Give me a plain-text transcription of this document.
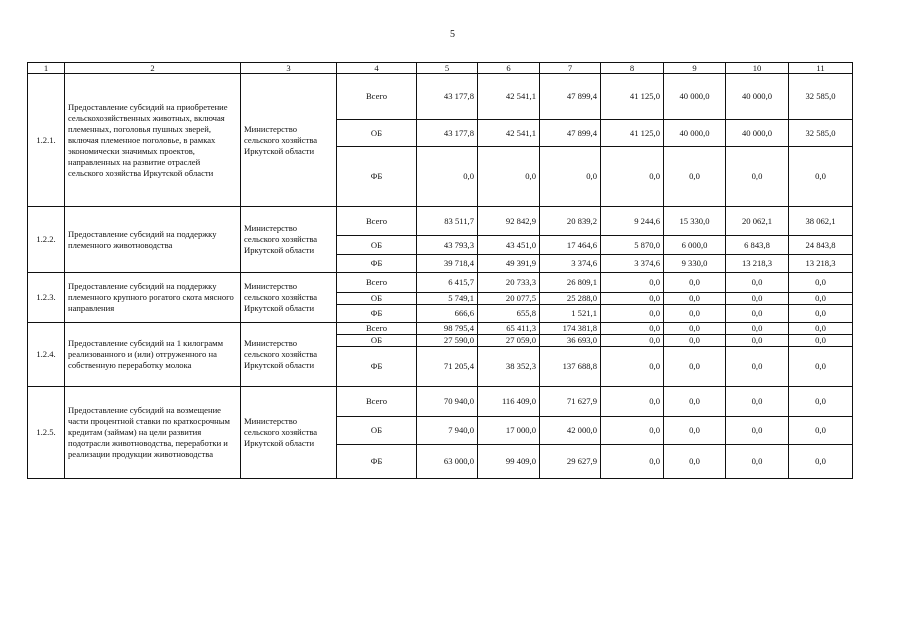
5
1	2	3	4	5	6	7	8	9	10	11
1.2.1.	Предоставление субсидий на приобретение сельскохозяйственных животных, включая племенных, поголовья пушных зверей, включая племенное поголовье, в рамках экономически значимых проектов, направленных на развитие отраслей сельского хозяйства Иркутской области	Министерство сельского хозяйства Иркутской области	Всего	43 177,8	42 541,1	47 899,4	41 125,0	40 000,0	40 000,0	32 585,0
			ОБ	43 177,8	42 541,1	47 899,4	41 125,0	40 000,0	40 000,0	32 585,0
			ФБ	0,0	0,0	0,0	0,0	0,0	0,0	0,0
1.2.2.	Предоставление субсидий на поддержку племенного животноводства	Министерство сельского хозяйства Иркутской области	Всего	83 511,7	92 842,9	20 839,2	9 244,6	15 330,0	20 062,1	38 062,1
			ОБ	43 793,3	43 451,0	17 464,6	5 870,0	6 000,0	6 843,8	24 843,8
			ФБ	39 718,4	49 391,9	3 374,6	3 374,6	9 330,0	13 218,3	13 218,3
1.2.3.	Предоставление субсидий на поддержку племенного крупного рогатого скота мясного направления	Министерство сельского хозяйства Иркутской области	Всего	6 415,7	20 733,3	26 809,1	0,0	0,0	0,0	0,0
			ОБ	5 749,1	20 077,5	25 288,0	0,0	0,0	0,0	0,0
			ФБ	666,6	655,8	1 521,1	0,0	0,0	0,0	0,0
1.2.4.	Предоставление субсидий на 1 килограмм реализованного и (или) отгруженного на собственную переработку молока	Министерство сельского хозяйства Иркутской области	Всего	98 795,4	65 411,3	174 381,8	0,0	0,0	0,0	0,0
			ОБ	27 590,0	27 059,0	36 693,0	0,0	0,0	0,0	0,0
			ФБ	71 205,4	38 352,3	137 688,8	0,0	0,0	0,0	0,0
1.2.5.	Предоставление субсидий на возмещение части процентной ставки по краткосрочным кредитам (займам) на цели развития подотрасли животноводства, переработки и реализации продукции животноводства	Министерство сельского хозяйства Иркутской области	Всего	70 940,0	116 409,0	71 627,9	0,0	0,0	0,0	0,0
			ОБ	7 940,0	17 000,0	42 000,0	0,0	0,0	0,0	0,0
			ФБ	63 000,0	99 409,0	29 627,9	0,0	0,0	0,0	0,0
